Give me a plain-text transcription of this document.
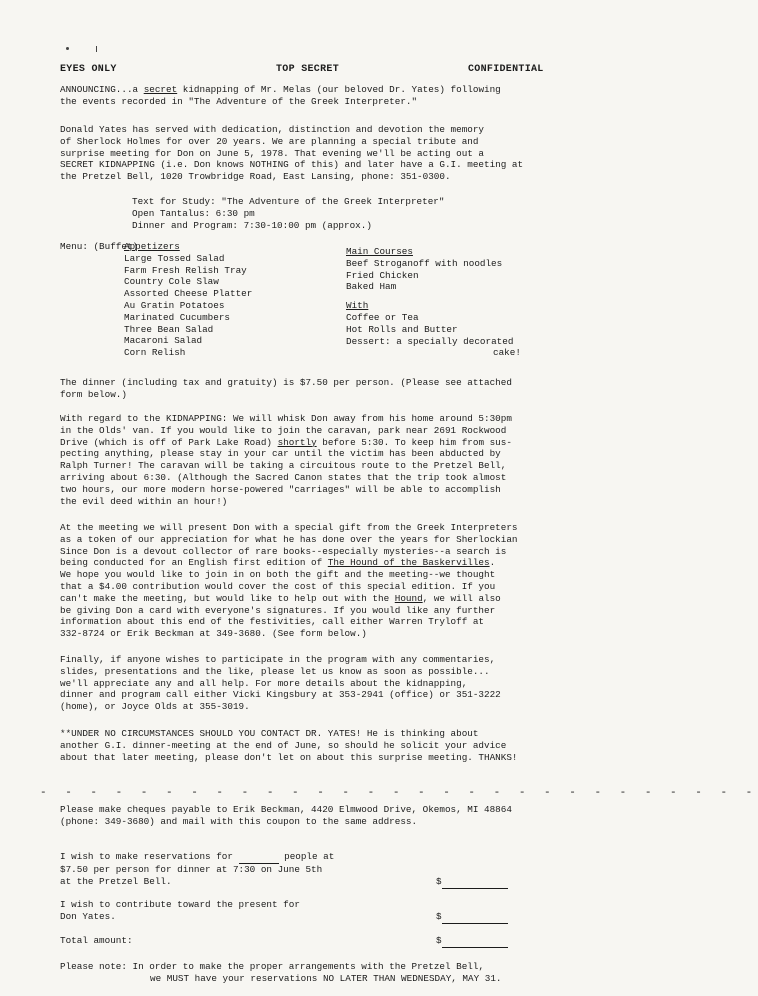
EYES ONLY	TOP SECRET	CONFIDENTIAL

ANNOUNCING...a secret kidnapping of Mr. Melas (our beloved Dr. Yates) following

the events recorded in "The Adventure of the Greek Interpreter."

Donald Yates has served with dedication, distinction and devotion the memory

of Sherlock Holmes for over 20 years. We are planning a special tribute and

surprise meeting for Don on June 5, 1978. That evening we'll be acting out a

SECRET KIDNAPPING (i.e. Don knows NOTHING of this) and later have a G.I. meeting at

the Pretzel Bell, 1020 Trowbridge Road, East Lansing, phone: 351-0300.

Text for Study: "The Adventure of the Greek Interpreter"

Open Tantalus: 6:30 pm

Dinner and Program: 7:30-10:00 pm (approx.)

Menu: (Buffet)

Appetizers

Large Tossed Salad

Farm Fresh Relish Tray

Country Cole Slaw

Assorted Cheese Platter

Au Gratin Potatoes

Marinated Cucumbers

Three Bean Salad

Macaroni Salad

Corn Relish

Main Courses

Beef Stroganoff with noodles

Fried Chicken

Baked Ham

With

Coffee or Tea

Hot Rolls and Butter

Dessert: a specially decorated

cake!

The dinner (including tax and gratuity) is $7.50 per person. (Please see attached

form below.)

With regard to the KIDNAPPING: We will whisk Don away from his home around 5:30pm

in the Olds' van. If you would like to join the caravan, park near 2691 Rockwood

Drive (which is off of Park Lake Road) shortly before 5:30. To keep him from sus-

pecting anything, please stay in your car until the victim has been abducted by

Ralph Turner! The caravan will be taking a circuitous route to the Pretzel Bell,

arriving about 6:30. (Although the Sacred Canon states that the trip took almost

two hours, our more modern horse-powered "carriages" will be able to accomplish

the evil deed within an hour!)

At the meeting we will present Don with a special gift from the Greek Interpreters

as a token of our appreciation for what he has done over the years for Sherlockian

Since Don is a devout collector of rare books--especially mysteries--a search is

being conducted for an English first edition of The Hound of the Baskervilles.

We hope you would like to join in on both the gift and the meeting--we thought

that a $4.00 contribution would cover the cost of this special edition. If you

can't make the meeting, but would like to help out with the Hound, we will also

be giving Don a card with everyone's signatures. If you would like any further

information about this end of the festivities, call either Warren Tryloff at

332-8724 or Erik Beckman at 349-3680. (See form below.)

Finally, if anyone wishes to participate in the program with any commentaries,

slides, presentations and the like, please let us know as soon as possible...

we'll appreciate any and all help. For more details about the kidnapping,

dinner and program call either Vicki Kingsbury at 353-2941 (office) or 351-3222

(home), or Joyce Olds at 355-3019.

**UNDER NO CIRCUMSTANCES SHOULD YOU CONTACT DR. YATES! He is thinking about

another G.I. dinner-meeting at the end of June, so should he solicit your advice

about that later meeting, please don't let on about this surprise meeting. THANKS!

- - - - - - - - - - - - - - - - - - - - - - - - - - - - -

Please make cheques payable to Erik Beckman, 4420 Elmwood Drive, Okemos, MI 48864

(phone: 349-3680) and mail with this coupon to the same address.

I wish to make reservations for	people at

$7.50 per person for dinner at 7:30 on June 5th

at the Pretzel Bell.	$

I wish to contribute toward the present for

Don Yates.	$

Total amount:	$

Please note: In order to make the proper arrangements with the Pretzel Bell,

we MUST have your reservations NO LATER THAN WEDNESDAY, MAY 31.
